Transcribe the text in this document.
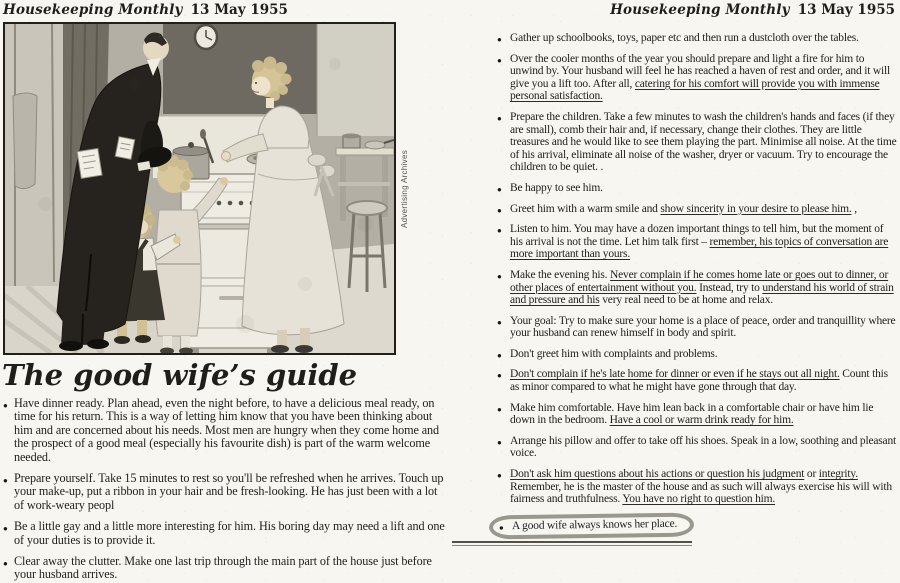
Housekeeping Monthly 13 May 1955
Advertising Archives
The good wife’s guide
● Have dinner ready. Plan ahead, even the night before, to have a delicious meal ready, on time for his return. This is a way of letting him know that you have been thinking about him and are concerned about his needs. Most men are hungry when they come home and the prospect of a good meal (especially his favourite dish) is part of the warm welcome needed.
● Prepare yourself. Take 15 minutes to rest so you'll be refreshed when he arrives. Touch up your make-up, put a ribbon in your hair and be fresh-looking. He has just been with a lot of work-weary peopl
● Be a little gay and a little more interesting for him. His boring day may need a lift and one of your duties is to provide it.
● Clear away the clutter. Make one last trip through the main part of the house just before your husband arrives.
Housekeeping Monthly 13 May 1955
● Gather up schoolbooks, toys, paper etc and then run a dustcloth over the tables.
● Over the cooler months of the year you should prepare and light a fire for him to unwind by. Your husband will feel he has reached a haven of rest and order, and it will give you a lift too. After all, catering for his comfort will provide you with immense personal satisfaction.
● Prepare the children. Take a few minutes to wash the children's hands and faces (if they are small), comb their hair and, if necessary, change their clothes. They are little treasures and he would like to see them playing the part. Minimise all noise. At the time of his arrival, eliminate all noise of the washer, dryer or vacuum. Try to encourage the children to be quiet. .
● Be happy to see him.
● Greet him with a warm smile and show sincerity in your desire to please him. ,
● Listen to him. You may have a dozen important things to tell him, but the moment of his arrival is not the time. Let him talk first – remember, his topics of conversation are more important than yours.
● Make the evening his. Never complain if he comes home late or goes out to dinner, or other places of entertainment without you. Instead, try to understand his world of strain and pressure and his very real need to be at home and relax.
● Your goal: Try to make sure your home is a place of peace, order and tranquillity where your husband can renew himself in body and spirit.
● Don't greet him with complaints and problems.
● Don't complain if he's late home for dinner or even if he stays out all night. Count this as minor compared to what he might have gone through that day.
● Make him comfortable. Have him lean back in a comfortable chair or have him lie down in the bedroom. Have a cool or warm drink ready for him.
● Arrange his pillow and offer to take off his shoes. Speak in a low, soothing and pleasant voice.
● Don't ask him questions about his actions or question his judgment or integrity. Remember, he is the master of the house and as such will always exercise his will with fairness and truthfulness. You have no right to question him.
● A good wife always knows her place.
